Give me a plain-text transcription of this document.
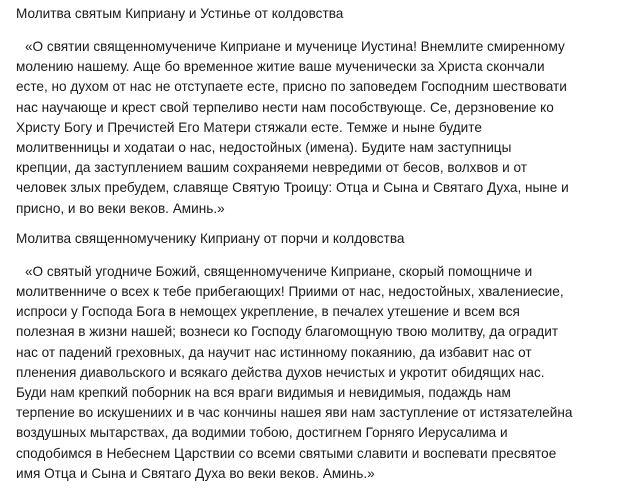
Молитва святым Киприану и Устинье от колдовства

«О святии священномученичe Киприане и мученице Иустина! Внемлите смиренному
молению нашему. Аще бо временное житие ваше мученически за Христа скончали
есте, но духом от нас не отступаете есте, присно по заповедем Господним шествовати
нас научающе и крест свой терпеливо нести нам пособствующе. Се, дерзновение ко
Христу Богу и Пречистей Его Матери стяжали есте. Темже и ныне будите
молитвенницы и ходатаи о нас, недостойных (имена). Будите нам заступницы
крепции, да заступлением вашим сохраняеми невредими от бесов, волхвов и от
человек злых пребудем, славяще Святую Троицу: Отца и Сына и Святаго Духа, ныне и
присно, и во веки веков. Аминь.»

Молитва священномученику Киприану от порчи и колдовства

«О святый угодниче Божий, священномучениче Киприане, скорый помощниче и
молитвенниче о всех к тебе прибегающих! Приими от нас, недостойных, хвалениесие,
испроси у Господа Бога в немощех укрепление, в печалех утешение и всем вся
полезная в жизни нашей; вознеси ко Господу благомощную твою молитву, да оградит
нас от падений греховных, да научит нас истинному покаянию, да избавит нас от
пленения диавольского и всякаго действа духов нечистых и укротит обидящих нас.
Буди нам крепкий поборник на вся враги видимыя и невидимыя, подаждь нам
терпение во искушениих и в час кончины нашея яви нам заступление от истязателейна
воздушных мытарствах, да водимии тобою, достигнем Горняго Иерусалима и
сподобимся в Небеснем Царствии со всеми святыми славити и воспевати пресвятое
имя Отца и Сына и Святаго Духа во веки веков. Аминь.»
